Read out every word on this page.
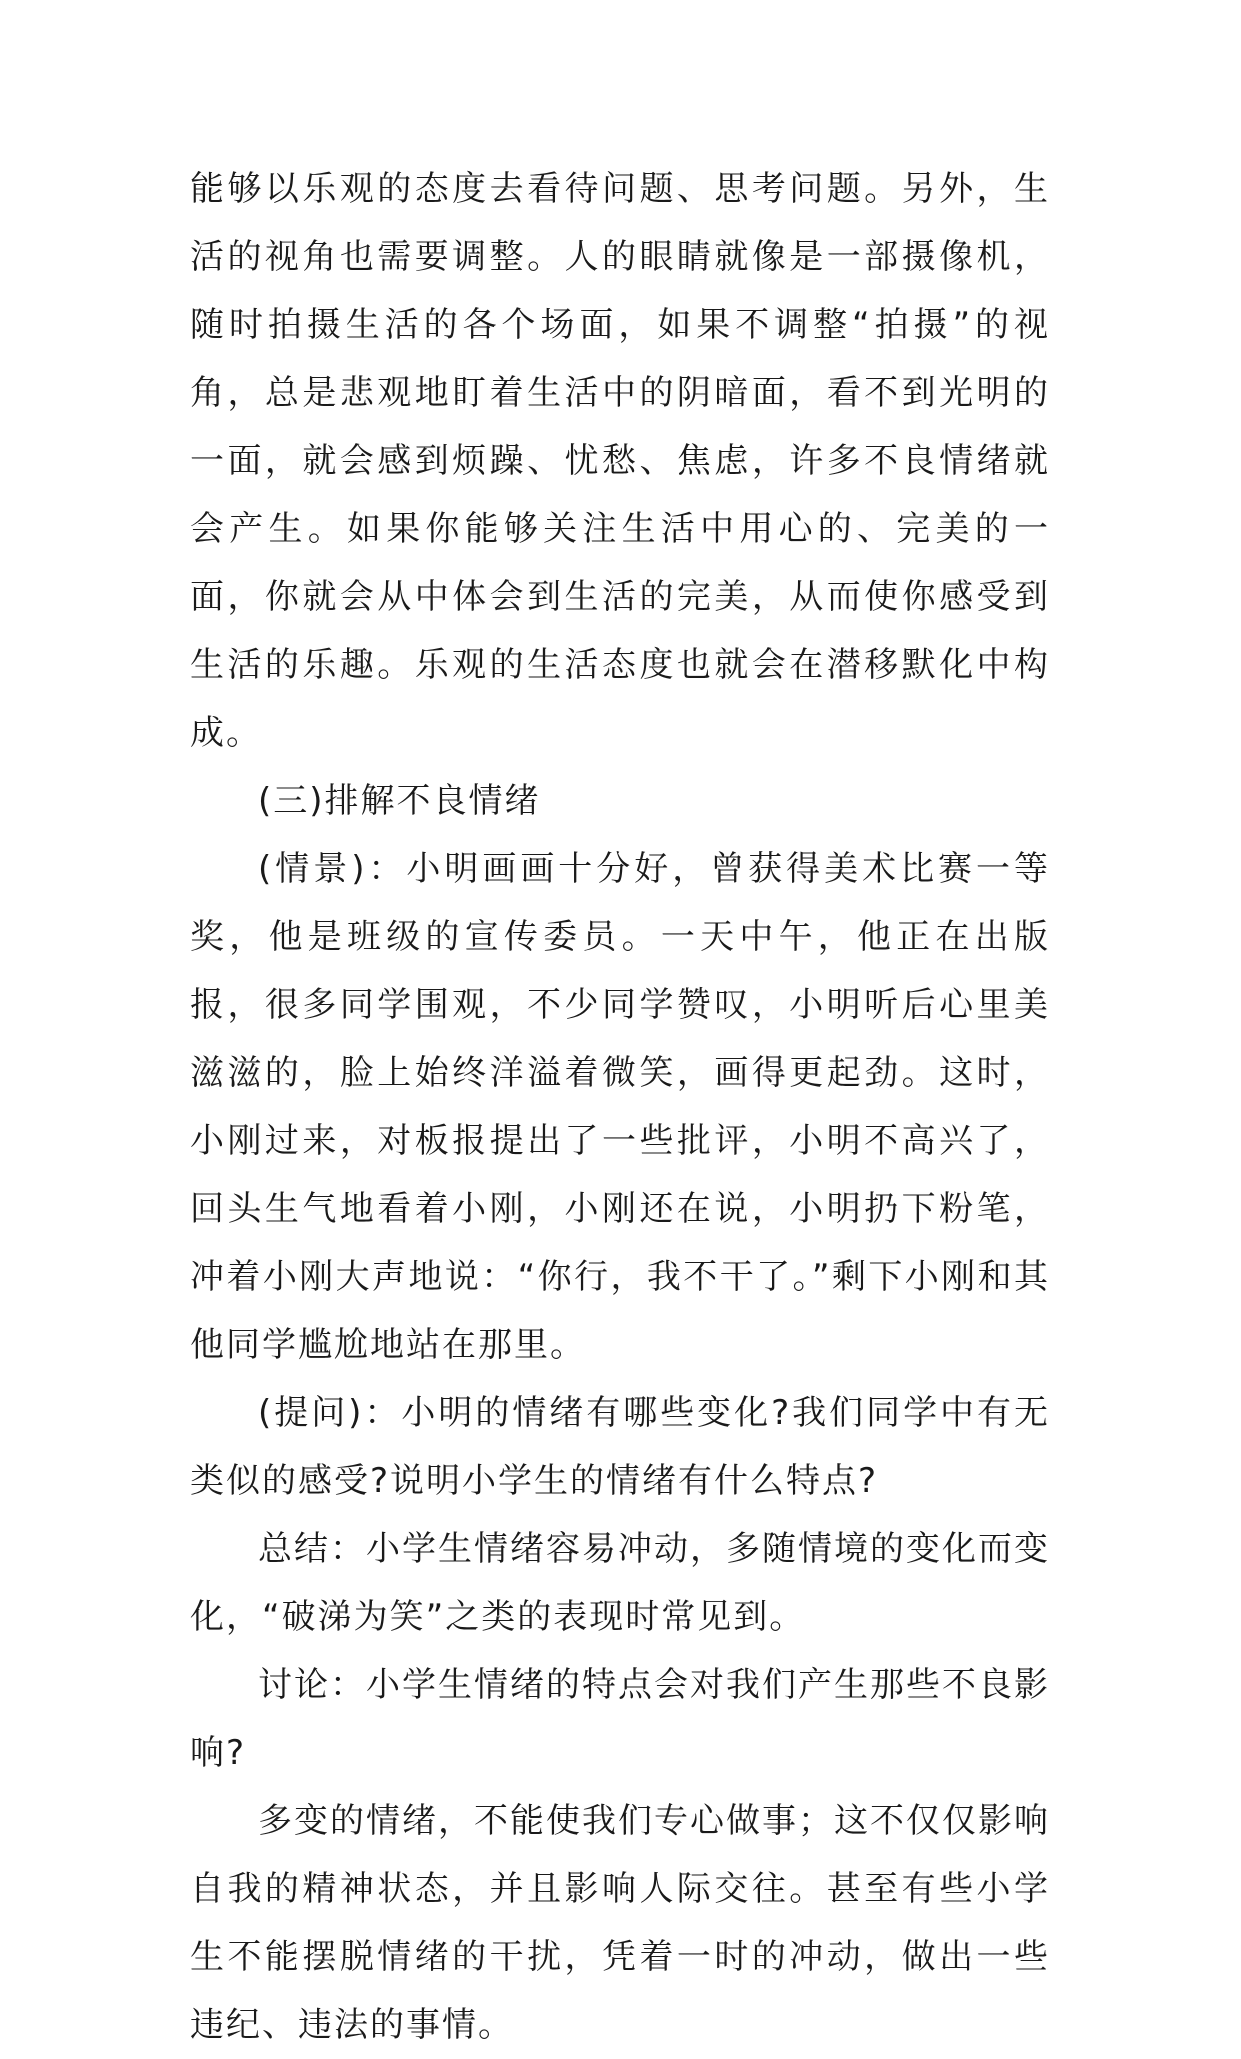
能够以乐观的态度去看待问题、思考问题。另外，生活的视角也需要调整。人的眼睛就像是一部摄像机，随时拍摄生活的各个场面，如果不调整“拍摄”的视角，总是悲观地盯着生活中的阴暗面，看不到光明的一面，就会感到烦躁、忧愁、焦虑，许多不良情绪就会产生。如果你能够关注生活中用心的、完美的一面，你就会从中体会到生活的完美，从而使你感受到生活的乐趣。乐观的生活态度也就会在潜移默化中构成。

(三)排解不良情绪

(情景)：小明画画十分好，曾获得美术比赛一等奖，他是班级的宣传委员。一天中午，他正在出版报，很多同学围观，不少同学赞叹，小明听后心里美滋滋的，脸上始终洋溢着微笑，画得更起劲。这时，小刚过来，对板报提出了一些批评，小明不高兴了，回头生气地看着小刚，小刚还在说，小明扔下粉笔，冲着小刚大声地说：“你行，我不干了。”剩下小刚和其他同学尴尬地站在那里。

(提问)：小明的情绪有哪些变化?我们同学中有无类似的感受?说明小学生的情绪有什么特点?

总结：小学生情绪容易冲动，多随情境的变化而变化，“破涕为笑”之类的表现时常见到。

讨论：小学生情绪的特点会对我们产生那些不良影响?

多变的情绪，不能使我们专心做事；这不仅仅影响自我的精神状态，并且影响人际交往。甚至有些小学生不能摆脱情绪的干扰，凭着一时的冲动，做出一些违纪、违法的事情。
